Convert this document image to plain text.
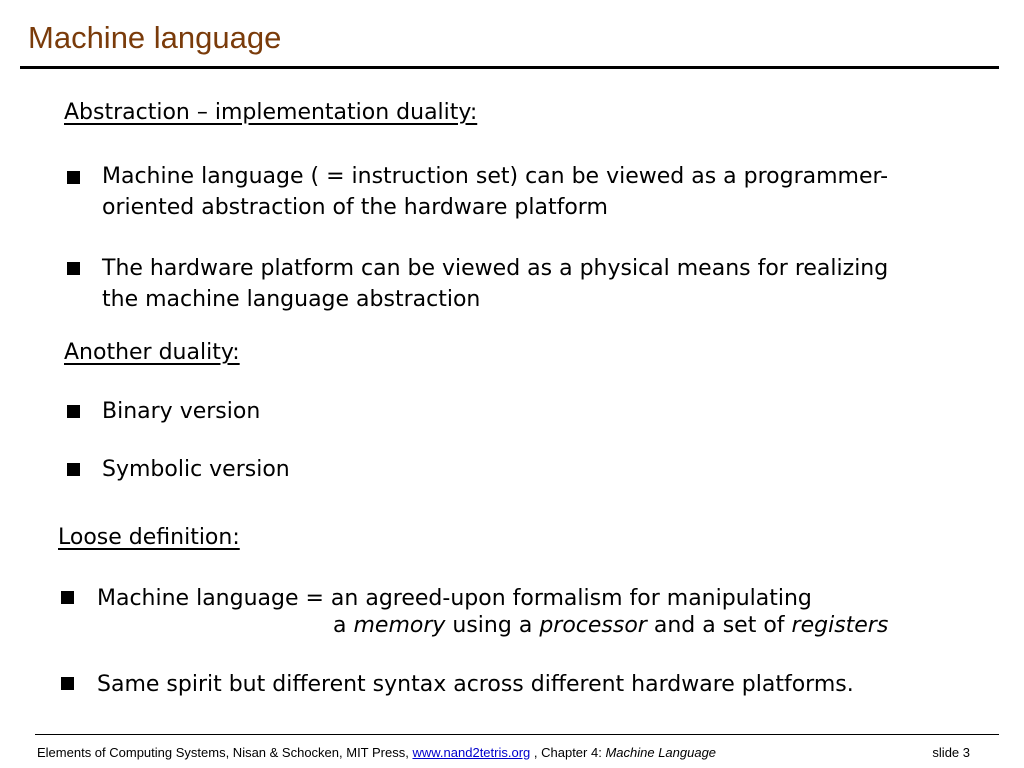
Machine language
Abstraction – implementation duality:
Machine language ( = instruction set) can be viewed as a programmer-
oriented abstraction of the hardware platform
The hardware platform can be viewed as a physical means for realizing
the machine language abstraction
Another duality:
Binary version
Symbolic version
Loose definition:
Machine language = an agreed-upon formalism for manipulating
a memory using a processor and a set of registers
Same spirit but different syntax across different hardware platforms.
Elements of Computing Systems, Nisan & Schocken, MIT Press, www.nand2tetris.org , Chapter 4: Machine Language	slide 3
